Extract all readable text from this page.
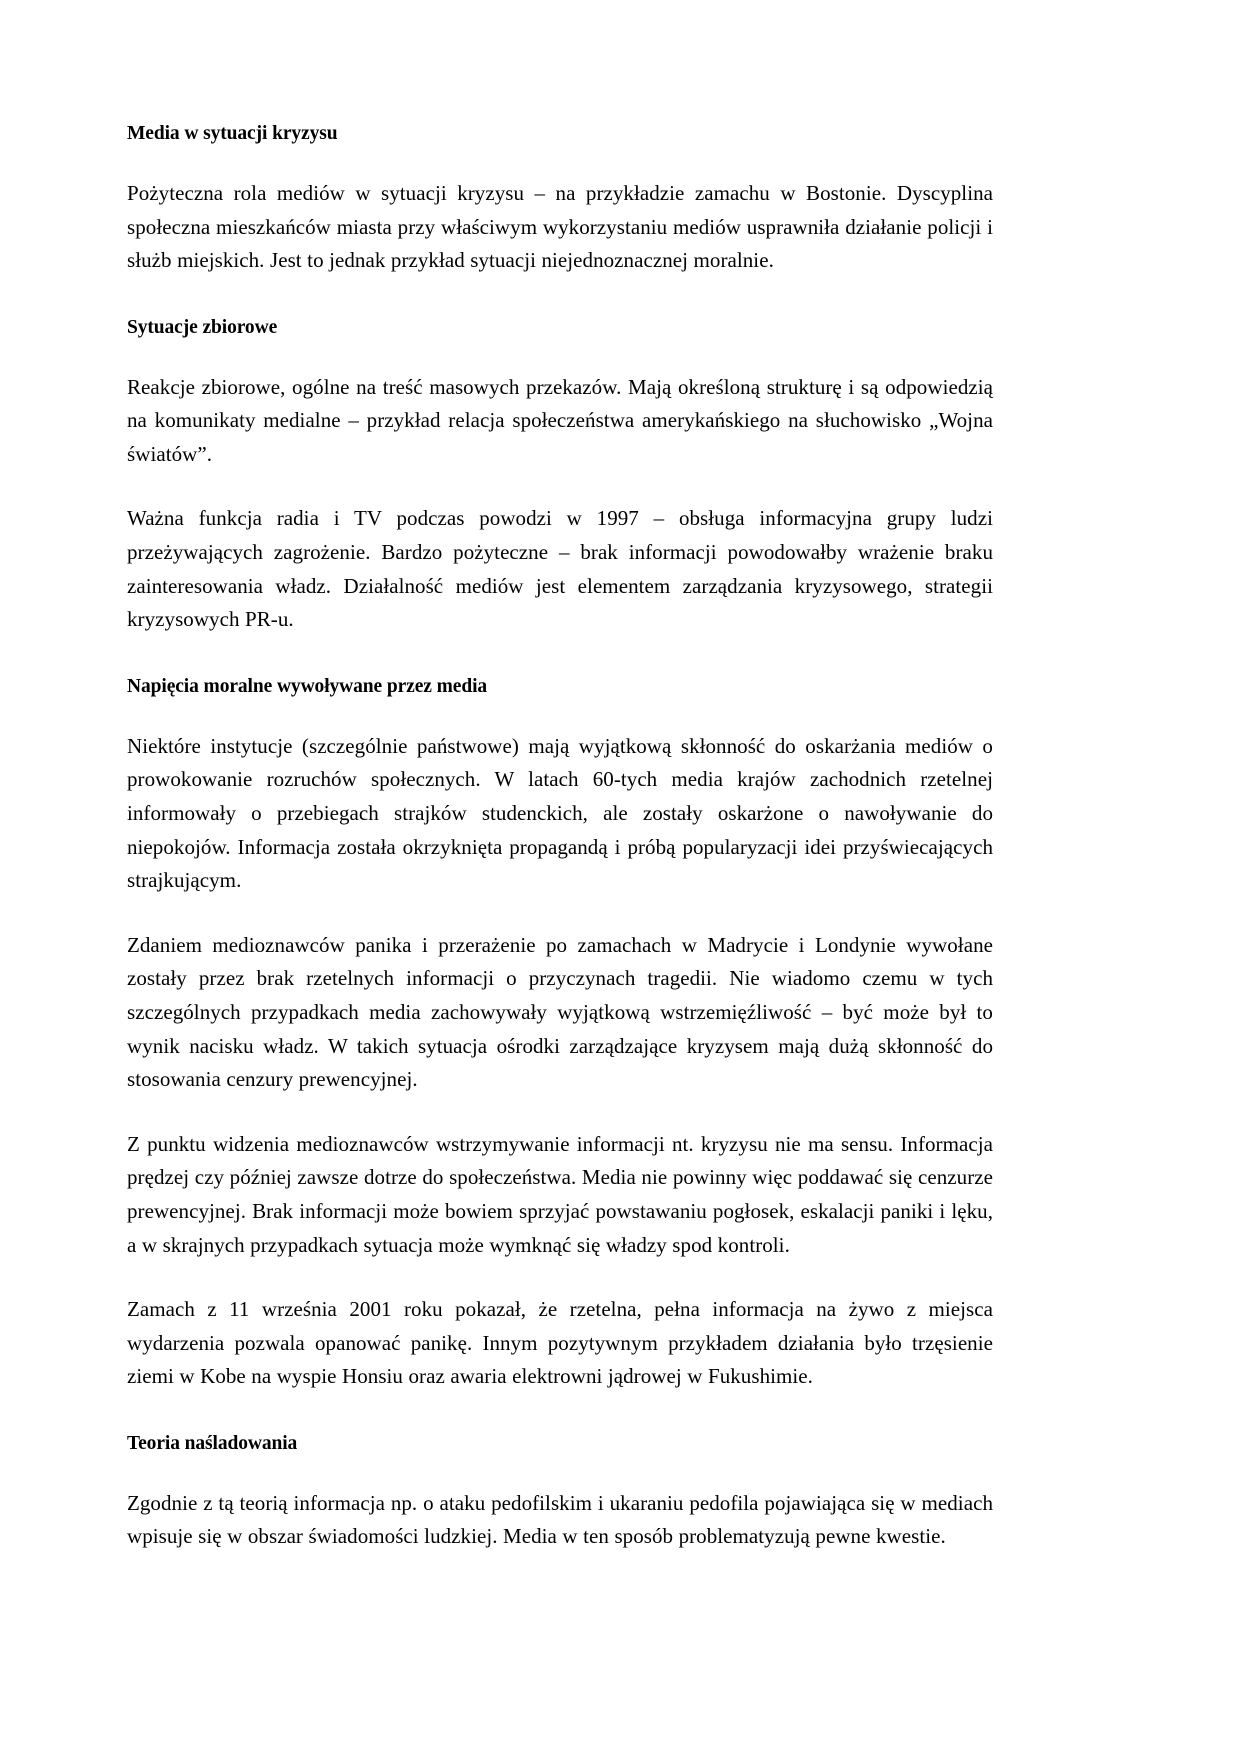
Media w sytuacji kryzysu

Pożyteczna rola mediów w sytuacji kryzysu – na przykładzie zamachu w Bostonie. Dyscyplina społeczna mieszkańców miasta przy właściwym wykorzystaniu mediów usprawniła działanie policji i służb miejskich. Jest to jednak przykład sytuacji niejednoznacznej moralnie.

Sytuacje zbiorowe

Reakcje zbiorowe, ogólne na treść masowych przekazów. Mają określoną strukturę i są odpowiedzią na komunikaty medialne – przykład relacja społeczeństwa amerykańskiego na słuchowisko „Wojna światów”.

Ważna funkcja radia i TV podczas powodzi w 1997 – obsługa informacyjna grupy ludzi przeżywających zagrożenie. Bardzo pożyteczne – brak informacji powodowałby wrażenie braku zainteresowania władz. Działalność mediów jest elementem zarządzania kryzysowego, strategii kryzysowych PR-u.

Napięcia moralne wywoływane przez media

Niektóre instytucje (szczególnie państwowe) mają wyjątkową skłonność do oskarżania mediów o prowokowanie rozruchów społecznych. W latach 60-tych media krajów zachodnich rzetelnej informowały o przebiegach strajków studenckich, ale zostały oskarżone o nawoływanie do niepokojów. Informacja została okrzyknięta propagandą i próbą popularyzacji idei przyświecających strajkującym.

Zdaniem medioznawców panika i przerażenie po zamachach w Madrycie i Londynie wywołane zostały przez brak rzetelnych informacji o przyczynach tragedii. Nie wiadomo czemu w tych szczególnych przypadkach media zachowywały wyjątkową wstrzemięźliwość – być może był to wynik nacisku władz. W takich sytuacja ośrodki zarządzające kryzysem mają dużą skłonność do stosowania cenzury prewencyjnej.

Z punktu widzenia medioznawców wstrzymywanie informacji nt. kryzysu nie ma sensu. Informacja prędzej czy później zawsze dotrze do społeczeństwa. Media nie powinny więc poddawać się cenzurze prewencyjnej. Brak informacji może bowiem sprzyjać powstawaniu pogłosek, eskalacji paniki i lęku, a w skrajnych przypadkach sytuacja może wymknąć się władzy spod kontroli.

Zamach z 11 września 2001 roku pokazał, że rzetelna, pełna informacja na żywo z miejsca wydarzenia pozwala opanować panikę. Innym pozytywnym przykładem działania było trzęsienie ziemi w Kobe na wyspie Honsiu oraz awaria elektrowni jądrowej w Fukushimie.

Teoria naśladowania

Zgodnie z tą teorią informacja np. o ataku pedofilskim i ukaraniu pedofila pojawiająca się w mediach wpisuje się w obszar świadomości ludzkiej. Media w ten sposób problematyzują pewne kwestie.
